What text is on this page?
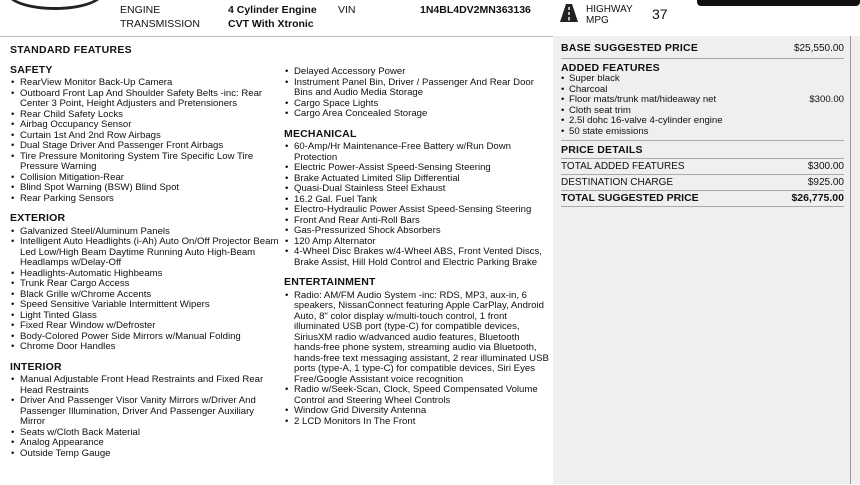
ENGINE	4 Cylinder Engine
TRANSMISSION	CVT With Xtronic
VIN	1N4BL4DV2MN363136	HIGHWAY
MPG	37
STANDARD FEATURES
SAFETY
• RearView Monitor Back-Up Camera
• Outboard Front Lap And Shoulder Safety Belts -inc: Rear Center 3 Point, Height Adjusters and Pretensioners
• Rear Child Safety Locks
• Airbag Occupancy Sensor
• Curtain 1st And 2nd Row Airbags
• Dual Stage Driver And Passenger Front Airbags
• Tire Pressure Monitoring System Tire Specific Low Tire Pressure Warning
• Collision Mitigation-Rear
• Blind Spot Warning (BSW) Blind Spot
• Rear Parking Sensors
EXTERIOR
• Galvanized Steel/Aluminum Panels
• Intelligent Auto Headlights (i-Ah) Auto On/Off Projector Beam Led Low/High Beam Daytime Running Auto High-Beam Headlamps w/Delay-Off
• Headlights-Automatic Highbeams
• Trunk Rear Cargo Access
• Black Grille w/Chrome Accents
• Speed Sensitive Variable Intermittent Wipers
• Light Tinted Glass
• Fixed Rear Window w/Defroster
• Body-Colored Power Side Mirrors w/Manual Folding
• Chrome Door Handles
INTERIOR
• Manual Adjustable Front Head Restraints and Fixed Rear Head Restraints
• Driver And Passenger Visor Vanity Mirrors w/Driver And Passenger Illumination, Driver And Passenger Auxiliary Mirror
• Seats w/Cloth Back Material
• Analog Appearance
• Outside Temp Gauge
• Delayed Accessory Power
• Instrument Panel Bin, Driver / Passenger And Rear Door Bins and Audio Media Storage
• Cargo Space Lights
• Cargo Area Concealed Storage
MECHANICAL
• 60-Amp/Hr Maintenance-Free Battery w/Run Down Protection
• Electric Power-Assist Speed-Sensing Steering
• Brake Actuated Limited Slip Differential
• Quasi-Dual Stainless Steel Exhaust
• 16.2 Gal. Fuel Tank
• Electro-Hydraulic Power Assist Speed-Sensing Steering
• Front And Rear Anti-Roll Bars
• Gas-Pressurized Shock Absorbers
• 120 Amp Alternator
• 4-Wheel Disc Brakes w/4-Wheel ABS, Front Vented Discs, Brake Assist, Hill Hold Control and Electric Parking Brake
ENTERTAINMENT
• Radio: AM/FM Audio System -inc: RDS, MP3, aux-in, 6 speakers, NissanConnect featuring Apple CarPlay, Android Auto, 8" color display w/multi-touch control, 1 front illuminated USB port (type-C) for compatible devices, SiriusXM radio w/advanced audio features, Bluetooth hands-free phone system, streaming audio via Bluetooth, hands-free text messaging assistant, 2 rear illuminated USB ports (type-A, 1 type-C) for compatible devices, Siri Eyes Free/Google Assistant voice recognition
• Radio w/Seek-Scan, Clock, Speed Compensated Volume Control and Steering Wheel Controls
• Window Grid Diversity Antenna
• 2 LCD Monitors In The Front
BASE SUGGESTED PRICE	$25,550.00
ADDED FEATURES
• Super black
• Charcoal
• Floor mats/trunk mat/hideaway net	$300.00
• Cloth seat trim
• 2.5l dohc 16-valve 4-cylinder engine
• 50 state emissions
PRICE DETAILS
TOTAL ADDED FEATURES	$300.00
DESTINATION CHARGE	$925.00
TOTAL SUGGESTED PRICE	$26,775.00
